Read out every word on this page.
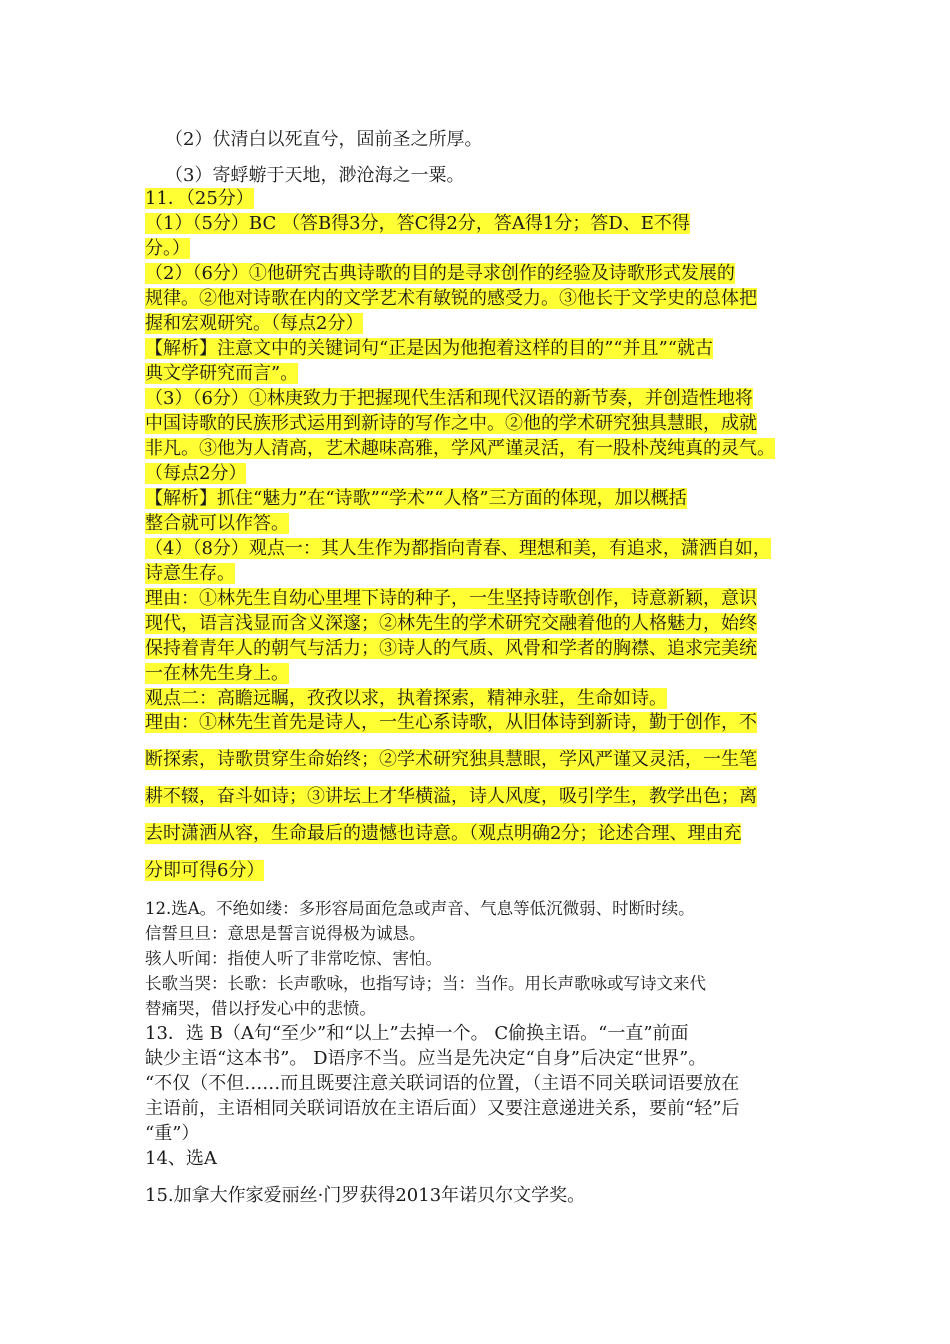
（2）伏清白以死直兮，固前圣之所厚。
（3）寄蜉蝣于天地，渺沧海之一粟。
11．（25分）
（1）（5分）BC （答B得3分，答C得2分，答A得1分；答D、E不得
分。）
（2）（6分）①他研究古典诗歌的目的是寻求创作的经验及诗歌形式发展的
规律。②他对诗歌在内的文学艺术有敏锐的感受力。③他长于文学史的总体把
握和宏观研究。（每点2分）
【解析】注意文中的关键词句“正是因为他抱着这样的目的”“并且”“就古
典文学研究而言”。
（3）（6分）①林庚致力于把握现代生活和现代汉语的新节奏，并创造性地将
中国诗歌的民族形式运用到新诗的写作之中。②他的学术研究独具慧眼，成就
非凡。③他为人清高，艺术趣味高雅，学风严谨灵活，有一股朴茂纯真的灵气。
（每点2分）
【解析】抓住“魅力”在“诗歌”“学术”“人格”三方面的体现，加以概括
整合就可以作答。
（4）（8分）观点一：其人生作为都指向青春、理想和美，有追求，潇洒自如，
诗意生存。
理由：①林先生自幼心里埋下诗的种子，一生坚持诗歌创作，诗意新颖，意识
现代，语言浅显而含义深邃；②林先生的学术研究交融着他的人格魅力，始终
保持着青年人的朝气与活力；③诗人的气质、风骨和学者的胸襟、追求完美统
一在林先生身上。
观点二：高瞻远瞩，孜孜以求，执着探索，精神永驻，生命如诗。
理由：①林先生首先是诗人，一生心系诗歌，从旧体诗到新诗，勤于创作，不
断探索，诗歌贯穿生命始终；②学术研究独具慧眼，学风严谨又灵活，一生笔
耕不辍，奋斗如诗；③讲坛上才华横溢，诗人风度，吸引学生，教学出色；离
去时潇洒从容，生命最后的遗憾也诗意。（观点明确2分；论述合理、理由充
分即可得6分）
12.选A。不绝如缕：多形容局面危急或声音、气息等低沉微弱、时断时续。
信誓旦旦：意思是誓言说得极为诚恳。
骇人听闻：指使人听了非常吃惊、害怕。
长歌当哭：长歌：长声歌咏，也指写诗；当：当作。用长声歌咏或写诗文来代
替痛哭，借以抒发心中的悲愤。
13．选 B（A句“至少”和“以上”去掉一个。 C偷换主语。“一直”前面
缺少主语“这本书”。 D语序不当。应当是先决定“自身”后决定“世界”。
“不仅（不但……而且既要注意关联词语的位置，（主语不同关联词语要放在
主语前，主语相同关联词语放在主语后面）又要注意递进关系，要前“轻”后
“重”）
14、选A
15.加拿大作家爱丽丝·门罗获得2013年诺贝尔文学奖。
